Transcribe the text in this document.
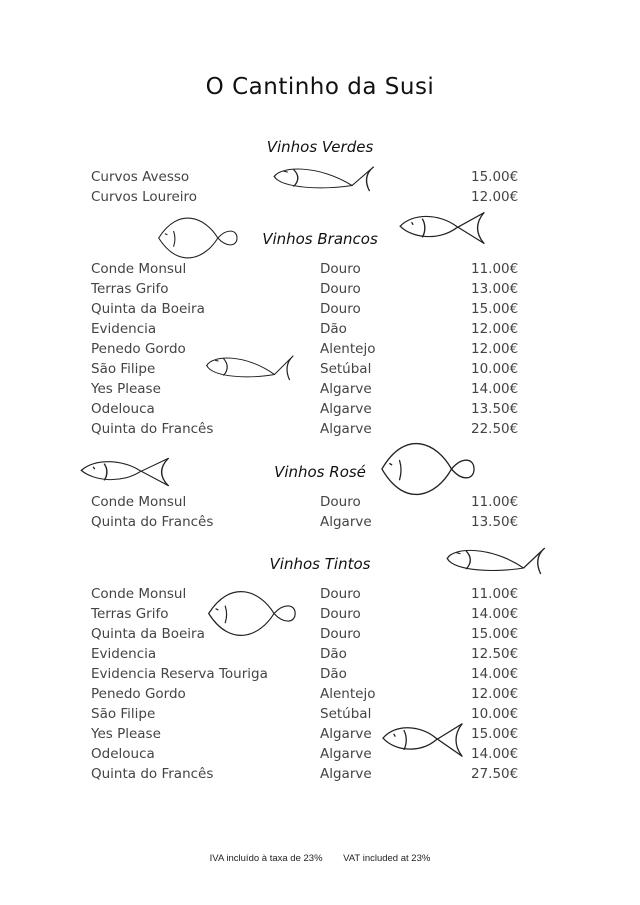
O Cantinho da Susi
Vinhos Verdes
Curvos Avesso	15.00€
Curvos Loureiro	12.00€
Vinhos Brancos
Conde Monsul	Douro	11.00€
Terras Grifo	Douro	13.00€
Quinta da Boeira	Douro	15.00€
Evidencia	Dão	12.00€
Penedo Gordo	Alentejo	12.00€
São Filipe	Setúbal	10.00€
Yes Please	Algarve	14.00€
Odelouca	Algarve	13.50€
Quinta do Francês	Algarve	22.50€
Vinhos Rosé
Conde Monsul	Douro	11.00€
Quinta do Francês	Algarve	13.50€
Vinhos Tintos
Conde Monsul	Douro	11.00€
Terras Grifo	Douro	14.00€
Quinta da Boeira	Douro	15.00€
Evidencia	Dão	12.50€
Evidencia Reserva Touriga	Dão	14.00€
Penedo Gordo	Alentejo	12.00€
São Filipe	Setúbal	10.00€
Yes Please	Algarve	15.00€
Odelouca	Algarve	14.00€
Quinta do Francês	Algarve	27.50€
IVA incluído à taxa de 23% VAT included at 23%
